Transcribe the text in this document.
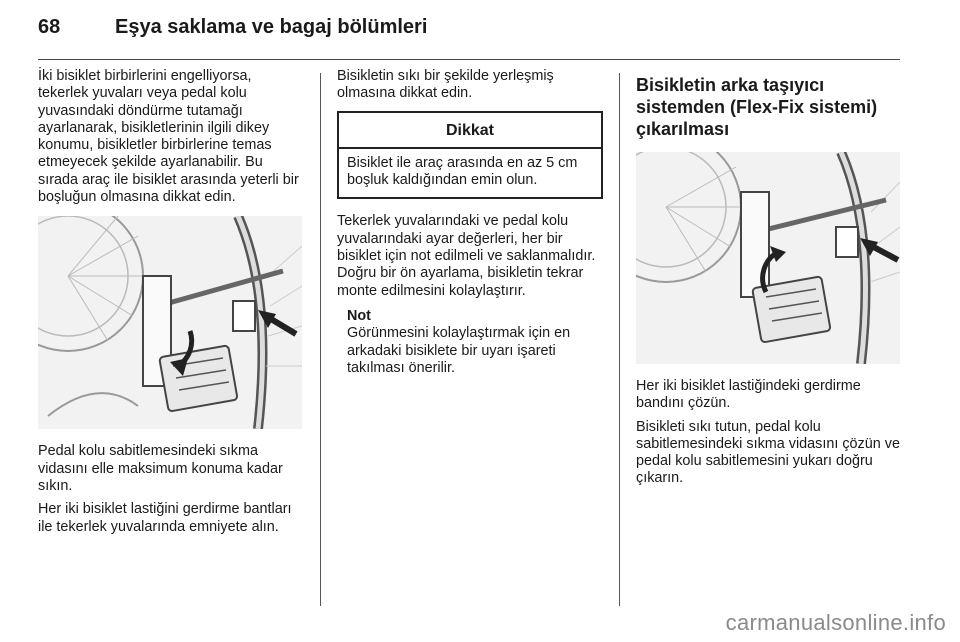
68	Eşya saklama ve bagaj bölümleri

İki bisiklet birbirlerini engelliyorsa, tekerlek yuvaları veya pedal kolu yuvasındaki döndürme tutamağı ayarlanarak, bisikletlerinin ilgili dikey konumu, bisikletler birbirlerine temas etmeyecek şekilde ayarlanabilir. Bu sırada araç ile bisiklet arasında yeterli bir boşluğun olmasına dikkat edin.

Pedal kolu sabitlemesindeki sıkma vidasını elle maksimum konuma kadar sıkın.

Her iki bisiklet lastiğini gerdirme bantları ile tekerlek yuvalarında emniyete alın.

Bisikletin sıkı bir şekilde yerleşmiş olmasına dikkat edin.

Dikkat
Bisiklet ile araç arasında en az 5 cm boşluk kaldığından emin olun.

Tekerlek yuvalarındaki ve pedal kolu yuvalarındaki ayar değerleri, her bir bisiklet için not edilmeli ve saklanmalıdır. Doğru bir ön ayarlama, bisikletin tekrar monte edilmesini kolaylaştırır.

Not
Görünmesini kolaylaştırmak için en arkadaki bisiklete bir uyarı işareti takılması önerilir.
Bisikletin arka taşıyıcı sistemden (Flex-Fix sistemi) çıkarılması

Her iki bisiklet lastiğindeki gerdirme bandını çözün.

Bisikleti sıkı tutun, pedal kolu sabitlemesindeki sıkma vidasını çözün ve pedal kolu sabitlemesini yukarı doğru çıkarın.

carmanualsonline.info
